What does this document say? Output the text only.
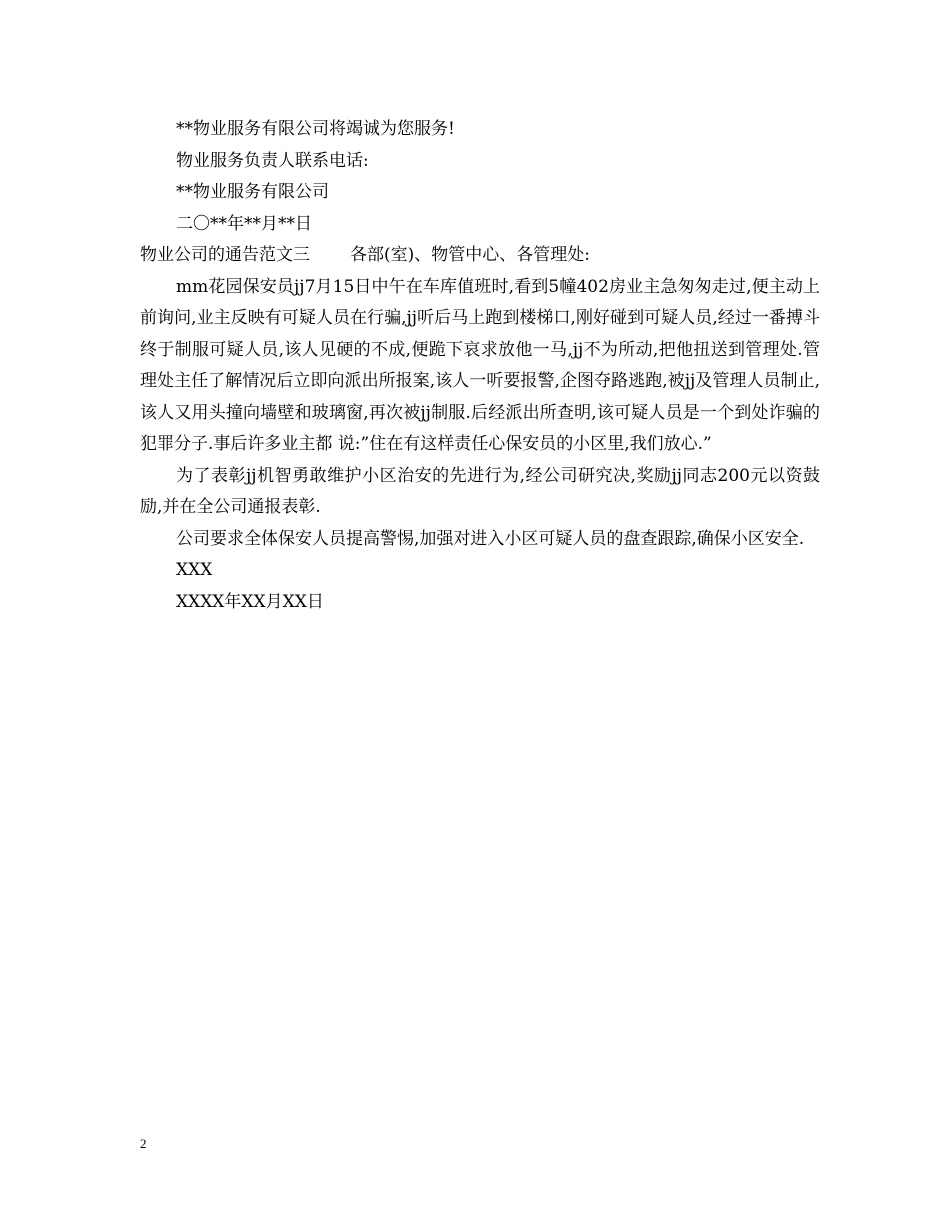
**物业服务有限公司将竭诚为您服务!

物业服务负责人联系电话:

**物业服务有限公司

二〇**年**月**日

物业公司的通告范文三 各部(室)、物管中心、各管理处:

mm花园保安员jj7月15日中午在车库值班时,看到5幢402房业主急匆匆走过,便主动上前询问,业主反映有可疑人员在行骗,jj听后马上跑到楼梯口,刚好碰到可疑人员,经过一番搏斗终于制服可疑人员,该人见硬的不成,便跪下哀求放他一马,jj不为所动,把他扭送到管理处.管理处主任了解情况后立即向派出所报案,该人一听要报警,企图夺路逃跑,被jj及管理人员制止,该人又用头撞向墙壁和玻璃窗,再次被jj制服.后经派出所查明,该可疑人员是一个到处诈骗的犯罪分子.事后许多业主都 说:”住在有这样责任心保安员的小区里,我们放心.”

为了表彰jj机智勇敢维护小区治安的先进行为,经公司研究决,奖励jj同志200元以资鼓励,并在全公司通报表彰.

公司要求全体保安人员提高警惕,加强对进入小区可疑人员的盘查跟踪,确保小区安全.

XXX

XXXX年XX月XX日

2
